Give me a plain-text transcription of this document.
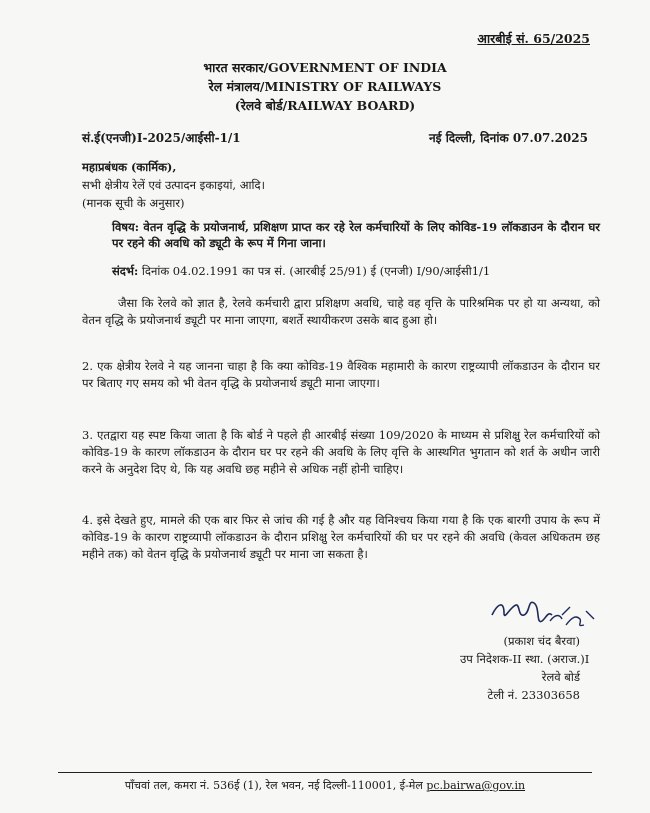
आरबीई सं. 65/2025
भारत सरकार/GOVERNMENT OF INDIA
रेल मंत्रालय/MINISTRY OF RAILWAYS
(रेलवे बोर्ड/RAILWAY BOARD)
सं.ई(एनजी)I-2025/आईसी-1/1	नई दिल्ली, दिनांक 07.07.2025
महाप्रबंधक (कार्मिक),
सभी क्षेत्रीय रेलें एवं उत्पादन इकाइयां, आदि।
(मानक सूची के अनुसार)
विषय: वेतन वृद्धि के प्रयोजनार्थ, प्रशिक्षण प्राप्त कर रहे रेल कर्मचारियों के लिए कोविड-19 लॉकडाउन के दौरान घर पर रहने की अवधि को ड्यूटी के रूप में गिना जाना।
संदर्भ: दिनांक 04.02.1991 का पत्र सं. (आरबीई 25/91) ई (एनजी) I/90/आईसी1/1
जैसा कि रेलवे को ज्ञात है, रेलवे कर्मचारी द्वारा प्रशिक्षण अवधि, चाहे वह वृत्ति के पारिश्रमिक पर हो या अन्यथा, को वेतन वृद्धि के प्रयोजनार्थ ड्यूटी पर माना जाएगा, बशर्ते स्थायीकरण उसके बाद हुआ हो।
2. एक क्षेत्रीय रेलवे ने यह जानना चाहा है कि क्या कोविड-19 वैश्विक महामारी के कारण राष्ट्रव्यापी लॉकडाउन के दौरान घर पर बिताए गए समय को भी वेतन वृद्धि के प्रयोजनार्थ ड्यूटी माना जाएगा।
3. एतद्वारा यह स्पष्ट किया जाता है कि बोर्ड ने पहले ही आरबीई संख्या 109/2020 के माध्यम से प्रशिक्षु रेल कर्मचारियों को कोविड-19 के कारण लॉकडाउन के दौरान घर पर रहने की अवधि के लिए वृत्ति के आस्थगित भुगतान को शर्त के अधीन जारी करने के अनुदेश दिए थे, कि यह अवधि छह महीने से अधिक नहीं होनी चाहिए।
4. इसे देखते हुए, मामले की एक बार फिर से जांच की गई है और यह विनिश्चय किया गया है कि एक बारगी उपाय के रूप में कोविड-19 के कारण राष्ट्रव्यापी लॉकडाउन के दौरान प्रशिक्षु रेल कर्मचारियों की घर पर रहने की अवधि (केवल अधिकतम छह महीने तक) को वेतन वृद्धि के प्रयोजनार्थ ड्यूटी पर माना जा सकता है।
(प्रकाश चंद बैरवा)
उप निदेशक-II स्था. (अराज.)I
रेलवे बोर्ड
टेली नं. 23303658
पाँचवां तल, कमरा नं. 536ई (1), रेल भवन, नई दिल्ली-110001, ई-मेल pc.bairwa@gov.in
